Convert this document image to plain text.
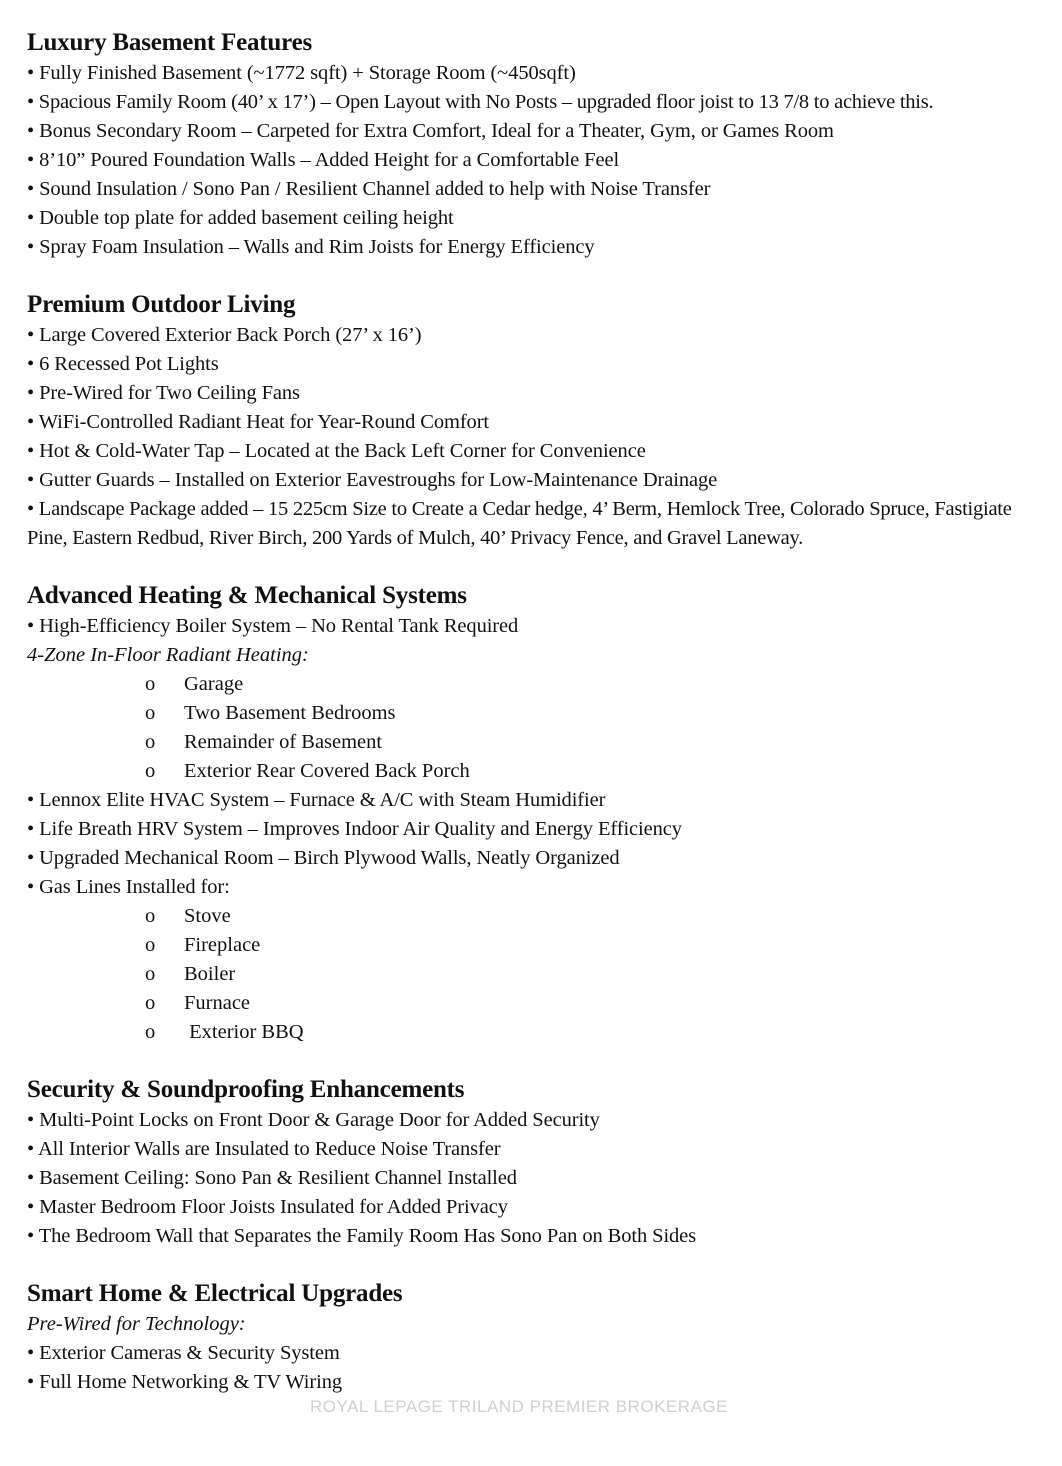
Luxury Basement Features

• Fully Finished Basement (~1772 sqft) + Storage Room (~450sqft)

• Spacious Family Room (40’ x 17’) – Open Layout with No Posts – upgraded floor joist to 13 7/8 to achieve this.

• Bonus Secondary Room – Carpeted for Extra Comfort, Ideal for a Theater, Gym, or Games Room

• 8’10” Poured Foundation Walls – Added Height for a Comfortable Feel

• Sound Insulation / Sono Pan / Resilient Channel added to help with Noise Transfer

• Double top plate for added basement ceiling height

• Spray Foam Insulation – Walls and Rim Joists for Energy Efficiency

Premium Outdoor Living

• Large Covered Exterior Back Porch (27’ x 16’)

• 6 Recessed Pot Lights

• Pre-Wired for Two Ceiling Fans

• WiFi-Controlled Radiant Heat for Year-Round Comfort

• Hot & Cold-Water Tap – Located at the Back Left Corner for Convenience

• Gutter Guards – Installed on Exterior Eavestroughs for Low-Maintenance Drainage

• Landscape Package added – 15 225cm Size to Create a Cedar hedge, 4’ Berm, Hemlock Tree, Colorado Spruce, Fastigiate Pine, Eastern Redbud, River Birch, 200 Yards of Mulch, 40’ Privacy Fence, and Gravel Laneway.

Advanced Heating & Mechanical Systems

• High-Efficiency Boiler System – No Rental Tank Required

4-Zone In-Floor Radiant Heating:

o Garage
o Two Basement Bedrooms
o Remainder of Basement
o Exterior Rear Covered Back Porch

• Lennox Elite HVAC System – Furnace & A/C with Steam Humidifier

• Life Breath HRV System – Improves Indoor Air Quality and Energy Efficiency

• Upgraded Mechanical Room – Birch Plywood Walls, Neatly Organized

• Gas Lines Installed for:

o Stove
o Fireplace
o Boiler
o Furnace
o Exterior BBQ
Security & Soundproofing Enhancements

• Multi-Point Locks on Front Door & Garage Door for Added Security

• All Interior Walls are Insulated to Reduce Noise Transfer

• Basement Ceiling: Sono Pan & Resilient Channel Installed

• Master Bedroom Floor Joists Insulated for Added Privacy

• The Bedroom Wall that Separates the Family Room Has Sono Pan on Both Sides

Smart Home & Electrical Upgrades

Pre-Wired for Technology:

• Exterior Cameras & Security System

• Full Home Networking & TV Wiring

ROYAL LEPAGE TRILAND PREMIER BROKERAGE
